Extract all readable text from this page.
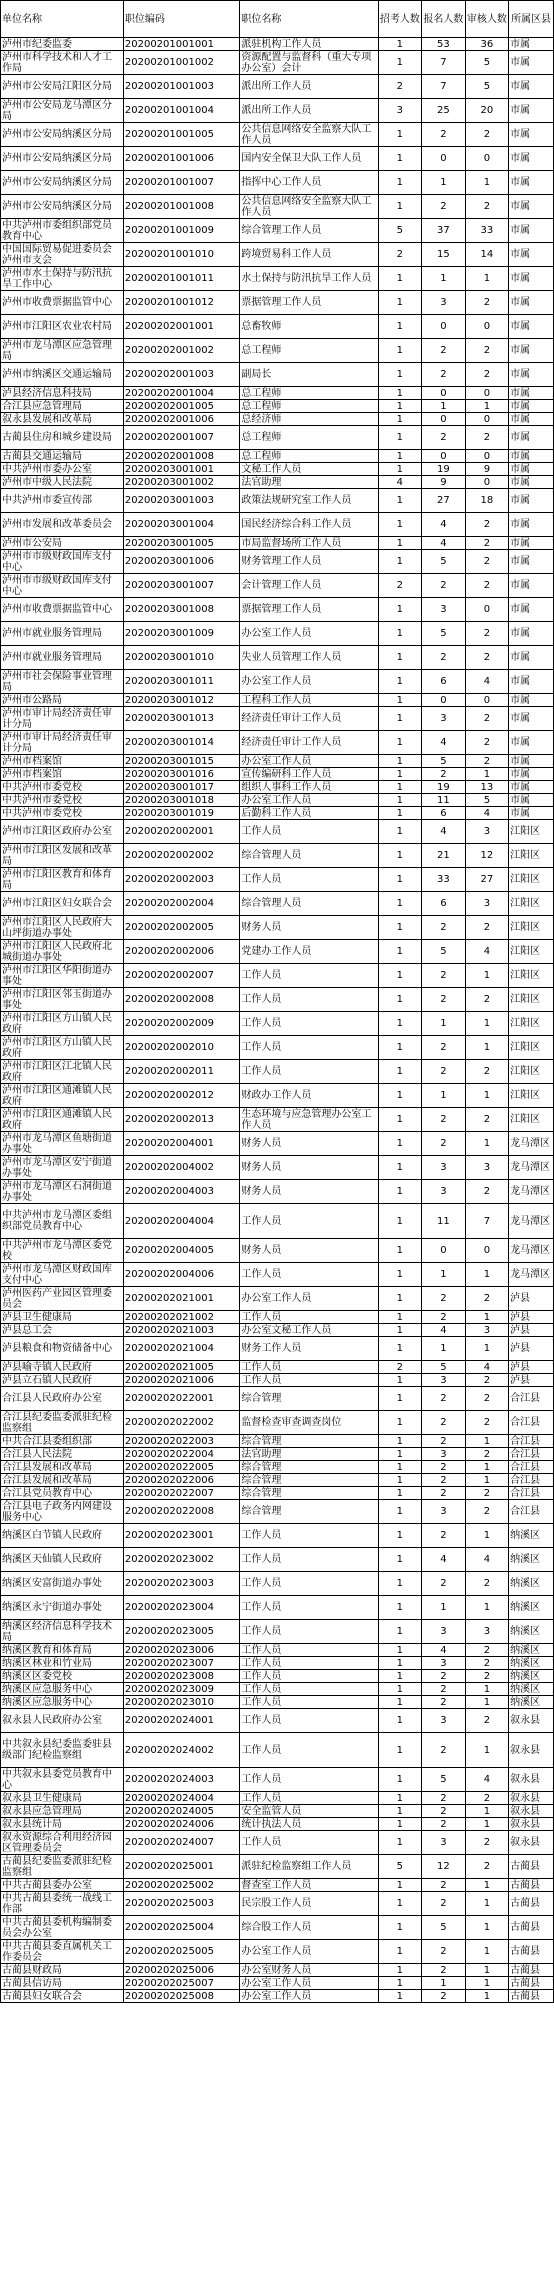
单位名称	职位编码	职位名称	招考人数	报名人数	审核人数	所属区县
泸州市纪委监委	20200201001001	派驻机构工作人员	1	53	36	市属
泸州市科学技术和人才工作局	20200201001002	资源配置与监督科（重大专项办公室）会计	1	7	5	市属
泸州市公安局江阳区分局	20200201001003	派出所工作人员	2	7	5	市属
泸州市公安局龙马潭区分局	20200201001004	派出所工作人员	3	25	20	市属
泸州市公安局纳溪区分局	20200201001005	公共信息网络安全监察大队工作人员	1	2	2	市属
泸州市公安局纳溪区分局	20200201001006	国内安全保卫大队工作人员	1	0	0	市属
泸州市公安局纳溪区分局	20200201001007	指挥中心工作人员	1	1	1	市属
泸州市公安局纳溪区分局	20200201001008	公共信息网络安全监察大队工作人员	1	2	2	市属
中共泸州市委组织部党员教育中心	20200201001009	综合管理工作人员	5	37	33	市属
中国国际贸易促进委员会泸州市支会	20200201001010	跨境贸易科工作人员	2	15	14	市属
泸州市水土保持与防汛抗旱工作中心	20200201001011	水土保持与防汛抗旱工作人员	1	1	1	市属
泸州市收费票据监管中心	20200201001012	票据管理工作人员	1	3	2	市属
泸州市江阳区农业农村局	20200202001001	总畜牧师	1	0	0	市属
泸州市龙马潭区应急管理局	20200202001002	总工程师	1	2	2	市属
泸州市纳溪区交通运输局	20200202001003	副局长	1	2	2	市属
泸县经济信息科技局	20200202001004	总工程师	1	0	0	市属
合江县应急管理局	20200202001005	总工程师	1	1	1	市属
叙永县发展和改革局	20200202001006	总经济师	1	0	0	市属
古蔺县住房和城乡建设局	20200202001007	总工程师	1	2	2	市属
古蔺县交通运输局	20200202001008	总工程师	1	0	0	市属
中共泸州市委办公室	20200203001001	文秘工作人员	1	19	9	市属
泸州市中级人民法院	20200203001002	法官助理	4	9	0	市属
中共泸州市委宣传部	20200203001003	政策法规研究室工作人员	1	27	18	市属
泸州市发展和改革委员会	20200203001004	国民经济综合科工作人员	1	4	2	市属
泸州市公安局	20200203001005	市局监督场所工作人员	1	4	2	市属
泸州市市级财政国库支付中心	20200203001006	财务管理工作人员	1	5	2	市属
泸州市市级财政国库支付中心	20200203001007	会计管理工作人员	2	2	2	市属
泸州市收费票据监管中心	20200203001008	票据管理工作人员	1	3	0	市属
泸州市就业服务管理局	20200203001009	办公室工作人员	1	5	2	市属
泸州市就业服务管理局	20200203001010	失业人员管理工作人员	1	2	2	市属
泸州市社会保险事业管理局	20200203001011	办公室工作人员	1	6	4	市属
泸州市公路局	20200203001012	工程科工作人员	1	0	0	市属
泸州市审计局经济责任审计分局	20200203001013	经济责任审计工作人员	1	3	2	市属
泸州市审计局经济责任审计分局	20200203001014	经济责任审计工作人员	1	4	2	市属
泸州市档案馆	20200203001015	办公室工作人员	1	5	2	市属
泸州市档案馆	20200203001016	宣传编研科工作人员	1	2	1	市属
中共泸州市委党校	20200203001017	组织人事科工作人员	1	19	13	市属
中共泸州市委党校	20200203001018	办公室工作人员	1	11	5	市属
中共泸州市委党校	20200203001019	后勤科工作人员	1	6	4	市属
泸州市江阳区政府办公室	20200202002001	工作人员	1	4	3	江阳区
泸州市江阳区发展和改革局	20200202002002	综合管理人员	1	21	12	江阳区
泸州市江阳区教育和体育局	20200202002003	工作人员	1	33	27	江阳区
泸州市江阳区妇女联合会	20200202002004	综合管理人员	1	6	3	江阳区
泸州市江阳区人民政府大山坪街道办事处	20200202002005	财务人员	1	2	2	江阳区
泸州市江阳区人民政府北城街道办事处	20200202002006	党建办工作人员	1	5	4	江阳区
泸州市江阳区华阳街道办事处	20200202002007	工作人员	1	2	1	江阳区
泸州市江阳区邻玉街道办事处	20200202002008	工作人员	1	2	2	江阳区
泸州市江阳区方山镇人民政府	20200202002009	工作人员	1	1	1	江阳区
泸州市江阳区方山镇人民政府	20200202002010	工作人员	1	2	1	江阳区
泸州市江阳区江北镇人民政府	20200202002011	工作人员	1	2	2	江阳区
泸州市江阳区通滩镇人民政府	20200202002012	财政办工作人员	1	1	1	江阳区
泸州市江阳区通滩镇人民政府	20200202002013	生态环境与应急管理办公室工作人员	1	2	2	江阳区
泸州市龙马潭区鱼塘街道办事处	20200202004001	财务人员	1	2	1	龙马潭区
泸州市龙马潭区安宁街道办事处	20200202004002	财务人员	1	3	3	龙马潭区
泸州市龙马潭区石洞街道办事处	20200202004003	财务人员	1	3	2	龙马潭区
中共泸州市龙马潭区委组织部党员教育中心	20200202004004	工作人员	1	11	7	龙马潭区
中共泸州市龙马潭区委党校	20200202004005	财务人员	1	0	0	龙马潭区
泸州市龙马潭区财政国库支付中心	20200202004006	工作人员	1	1	1	龙马潭区
泸州医药产业园区管理委员会	20200202021001	办公室工作人员	1	2	2	泸县
泸县卫生健康局	20200202021002	工作人员	1	2	1	泸县
泸县总工会	20200202021003	办公室文秘工作人员	1	4	3	泸县
泸县粮食和物资储备中心	20200202021004	财务工作人员	1	1	1	泸县
泸县喻寺镇人民政府	20200202021005	工作人员	2	5	4	泸县
泸县立石镇人民政府	20200202021006	工作人员	1	3	2	泸县
合江县人民政府办公室	20200202022001	综合管理	1	2	2	合江县
合江县纪委监委派驻纪检监察组	20200202022002	监督检查审查调查岗位	1	2	2	合江县
中共合江县委组织部	20200202022003	综合管理	1	2	1	合江县
合江县人民法院	20200202022004	法官助理	1	3	2	合江县
合江县发展和改革局	20200202022005	综合管理	1	2	1	合江县
合江县发展和改革局	20200202022006	综合管理	1	2	1	合江县
合江县党员教育中心	20200202022007	综合管理	1	2	2	合江县
合江县电子政务内网建设服务中心	20200202022008	综合管理	1	3	2	合江县
纳溪区白节镇人民政府	20200202023001	工作人员	1	2	1	纳溪区
纳溪区天仙镇人民政府	20200202023002	工作人员	1	4	4	纳溪区
纳溪区安富街道办事处	20200202023003	工作人员	1	2	2	纳溪区
纳溪区永宁街道办事处	20200202023004	工作人员	1	1	1	纳溪区
纳溪区经济信息科学技术局	20200202023005	工作人员	1	3	3	纳溪区
纳溪区教育和体育局	20200202023006	工作人员	1	4	2	纳溪区
纳溪区林业和竹业局	20200202023007	工作人员	1	3	2	纳溪区
纳溪区区委党校	20200202023008	工作人员	1	2	2	纳溪区
纳溪区应急服务中心	20200202023009	工作人员	1	2	1	纳溪区
纳溪区应急服务中心	20200202023010	工作人员	1	2	1	纳溪区
叙永县人民政府办公室	20200202024001	工作人员	1	3	2	叙永县
中共叙永县纪委监委驻县级部门纪检监察组	20200202024002	工作人员	1	2	1	叙永县
中共叙永县委党员教育中心	20200202024003	工作人员	1	5	4	叙永县
叙永县卫生健康局	20200202024004	工作人员	1	2	2	叙永县
叙永县应急管理局	20200202024005	安全监管人员	1	2	1	叙永县
叙永县统计局	20200202024006	统计执法人员	1	2	1	叙永县
叙永资源综合利用经济园区管理委员会	20200202024007	工作人员	1	3	2	叙永县
古蔺县纪委监委派驻纪检监察组	20200202025001	派驻纪检监察组工作人员	5	12	2	古蔺县
中共古蔺县委办公室	20200202025002	督查室工作人员	1	2	1	古蔺县
中共古蔺县委统一战线工作部	20200202025003	民宗股工作人员	1	2	1	古蔺县
中共古蔺县委机构编制委员会办公室	20200202025004	综合股工作人员	1	5	1	古蔺县
中共古蔺县委直属机关工作委员会	20200202025005	办公室工作人员	1	2	1	古蔺县
古蔺县财政局	20200202025006	办公室财务人员	1	2	1	古蔺县
古蔺县信访局	20200202025007	办公室工作人员	1	1	1	古蔺县
古蔺县妇女联合会	20200202025008	办公室工作人员	1	2	1	古蔺县
